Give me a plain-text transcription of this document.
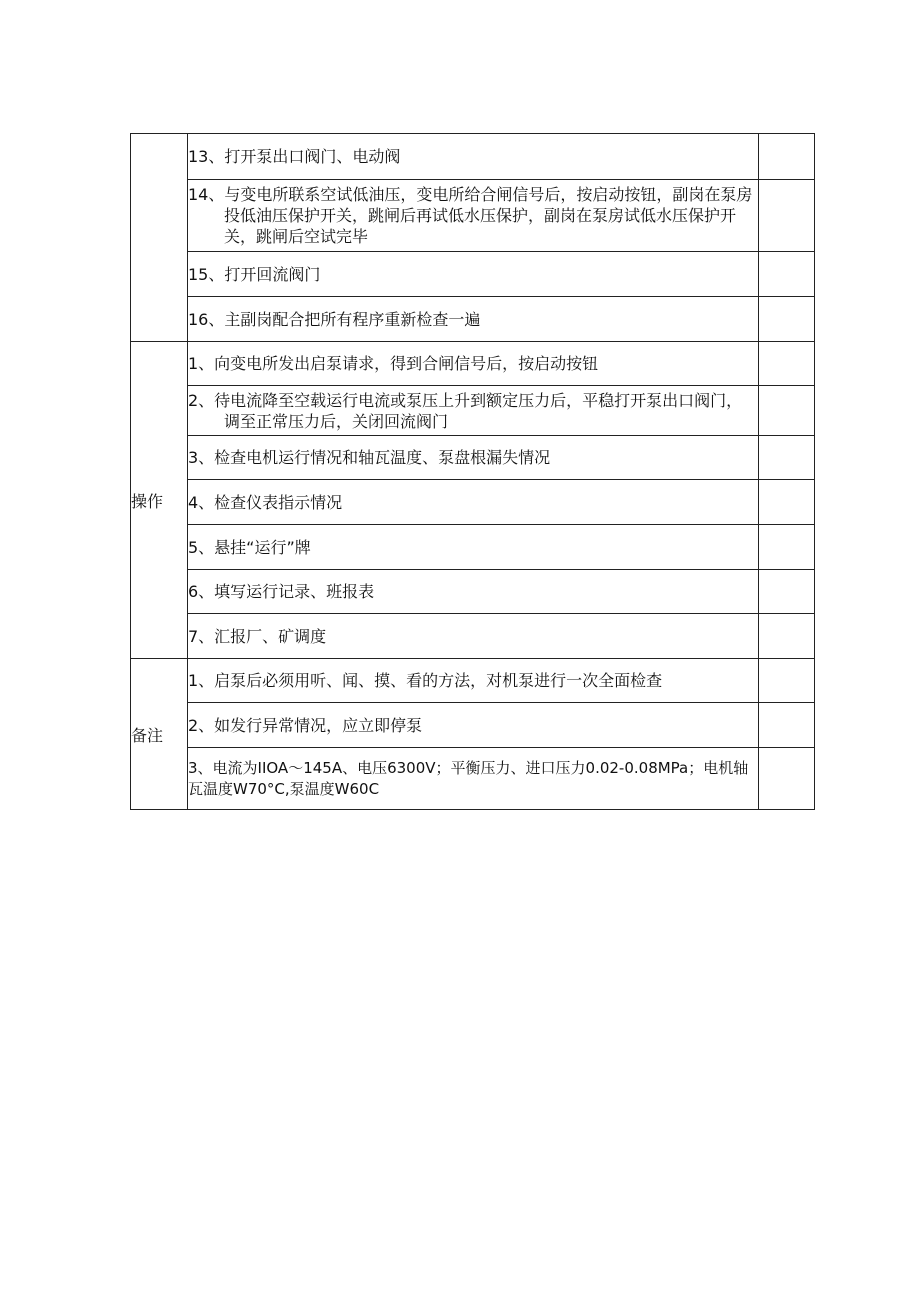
	13、打开泵出口阀门、电动阀	

	14、与变电所联系空试低油压，变电所给合闸信号后，按启动按钮，副岗在泵房投低油压保护开关，跳闸后再试低水压保护，副岗在泵房试低水压保护开关，跳闸后空试完毕	

	15、打开回流阀门	

	16、主副岗配合把所有程序重新检查一遍	

操作	1、向变电所发出启泵请求，得到合闸信号后，按启动按钮	

	2、待电流降至空载运行电流或泵压上升到额定压力后，平稳打开泵出口阀门，调至正常压力后，关闭回流阀门	

	3、检查电机运行情况和轴瓦温度、泵盘根漏失情况	

	4、检查仪表指示情况	

	5、悬挂“运行”牌	

	6、填写运行记录、班报表	

	7、汇报厂、矿调度	

备注	1、启泵后必须用听、闻、摸、看的方法，对机泵进行一次全面检查	

	2、如发行异常情况，应立即停泵	

	3、电流为IIOA～145A、电压6300V；平衡压力、进口压力0.02-0.08MPa；电机轴瓦温度W70°C,泵温度W60C	
